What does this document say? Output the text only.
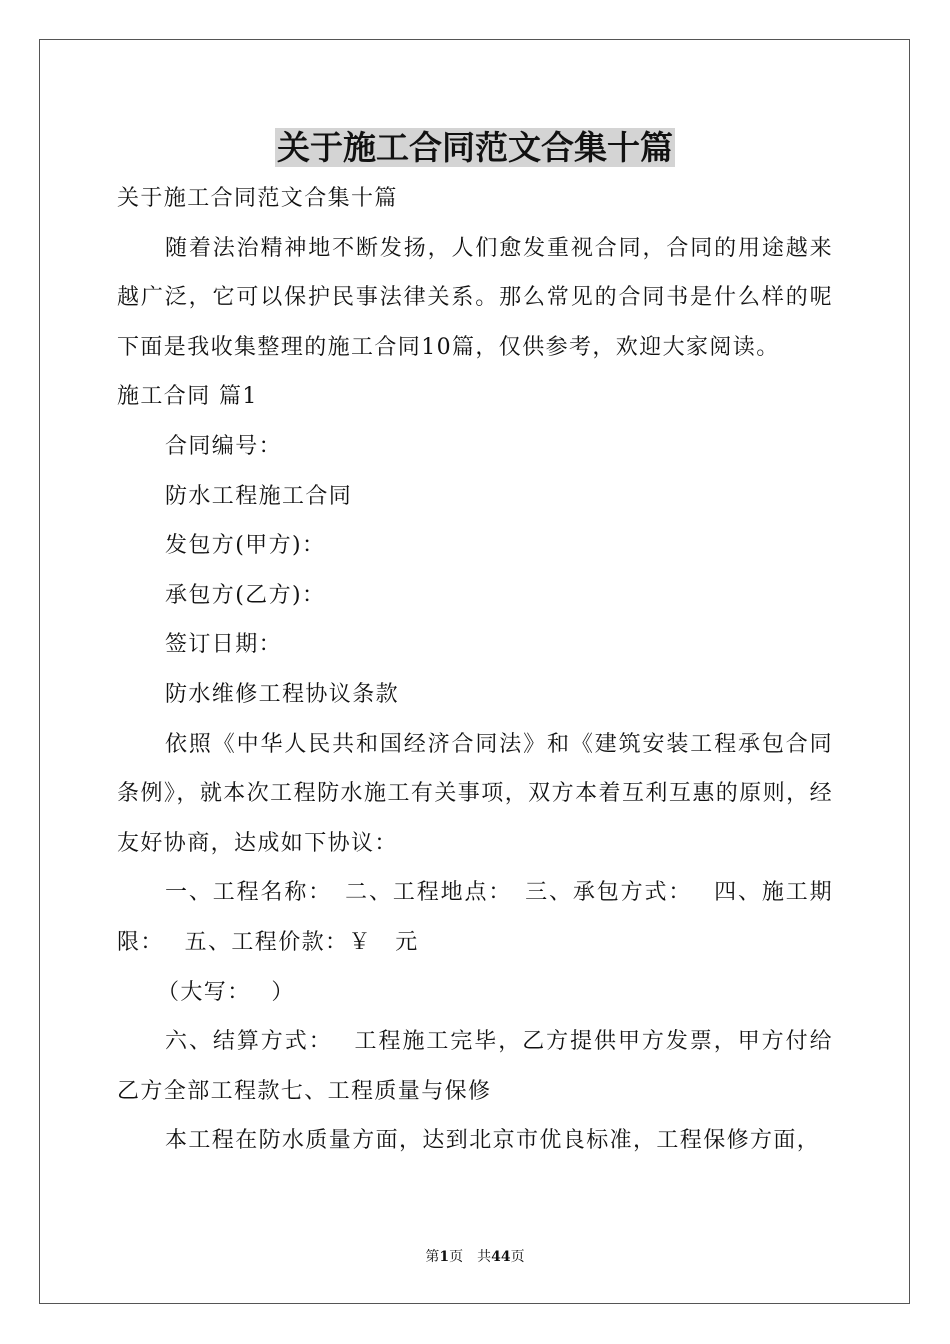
关于施工合同范文合集十篇

关于施工合同范文合集十篇

随着法治精神地不断发扬，人们愈发重视合同，合同的用途越来越广泛，它可以保护民事法律关系。那么常见的合同书是什么样的呢下面是我收集整理的施工合同10篇，仅供参考，欢迎大家阅读。

施工合同 篇1

合同编号：

防水工程施工合同

发包方(甲方)：

承包方(乙方)：

签订日期：

防水维修工程协议条款

依照《中华人民共和国经济合同法》和《建筑安装工程承包合同条例》，就本次工程防水施工有关事项，双方本着互利互惠的原则，经友好协商，达成如下协议：

一、工程名称：　二、工程地点：　三、承包方式：　 四、施工期限：　 五、工程价款：￥　元

（大写：　 ）

六、结算方式：　 工程施工完毕，乙方提供甲方发票，甲方付给乙方全部工程款七、工程质量与保修

本工程在防水质量方面，达到北京市优良标准，工程保修方面，

第1页 共44页
